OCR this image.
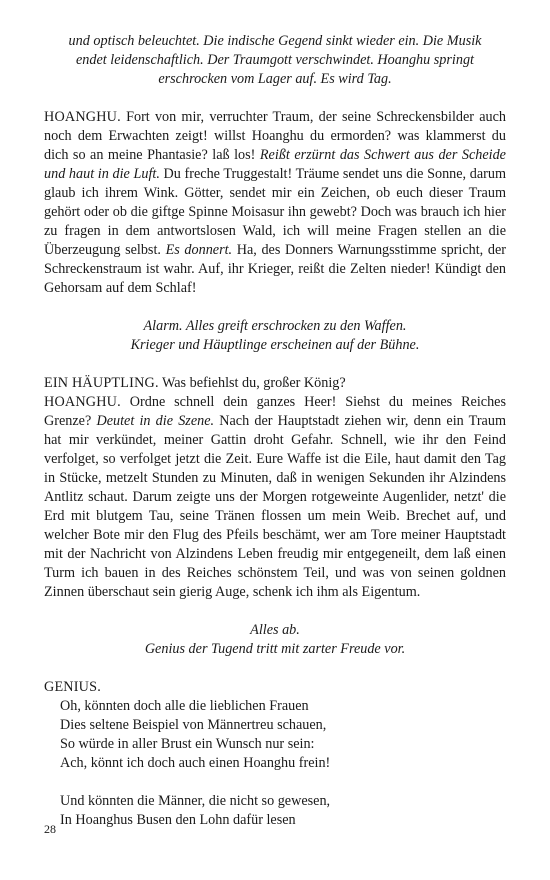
und optisch beleuchtet. Die indische Gegend sinkt wieder ein. Die Musik
endet leidenschaftlich. Der Traumgott verschwindet. Hoanghu springt
erschrocken vom Lager auf. Es wird Tag.

HOANGHU. Fort von mir, verruchter Traum, der seine Schreckensbilder auch noch dem Erwachten zeigt! willst Hoanghu du ermorden? was klammerst du dich so an meine Phantasie? laß los! Reißt erzürnt das Schwert aus der Scheide und haut in die Luft. Du freche Truggestalt! Träume sendet uns die Sonne, darum glaub ich ihrem Wink. Götter, sendet mir ein Zeichen, ob euch dieser Traum gehört oder ob die giftge Spinne Moisasur ihn gewebt? Doch was brauch ich hier zu fragen in dem antwortslosen Wald, ich will meine Fragen stellen an die Überzeugung selbst. Es donnert. Ha, des Donners Warnungsstimme spricht, der Schreckenstraum ist wahr. Auf, ihr Krieger, reißt die Zelten nieder! Kündigt den Gehorsam auf dem Schlaf!

Alarm. Alles greift erschrocken zu den Waffen.
Krieger und Häuptlinge erscheinen auf der Bühne.

EIN HÄUPTLING. Was befiehlst du, großer König?

HOANGHU. Ordne schnell dein ganzes Heer! Siehst du meines Reiches Grenze? Deutet in die Szene. Nach der Hauptstadt ziehen wir, denn ein Traum hat mir verkündet, meiner Gattin droht Gefahr. Schnell, wie ihr den Feind verfolget, so verfolget jetzt die Zeit. Eure Waffe ist die Eile, haut damit den Tag in Stücke, metzelt Stunden zu Minuten, daß in wenigen Sekunden ihr Alzindens Antlitz schaut. Darum zeigte uns der Morgen rotgeweinte Augenlider, netzt' die Erd mit blutgem Tau, seine Tränen flossen um mein Weib. Brechet auf, und welcher Bote mir den Flug des Pfeils beschämt, wer am Tore meiner Hauptstadt mit der Nachricht von Alzindens Leben freudig mir entgegeneilt, dem laß einen Turm ich bauen in des Reiches schönstem Teil, und was von seinen goldnen Zinnen überschaut sein gierig Auge, schenk ich ihm als Eigentum.

Alles ab.
Genius der Tugend tritt mit zarter Freude vor.

GENIUS.

Oh, könnten doch alle die lieblichen Frauen
Dies seltene Beispiel von Männertreu schauen,
So würde in aller Brust ein Wunsch nur sein:
Ach, könnt ich doch auch einen Hoanghu frein!

Und könnten die Männer, die nicht so gewesen,
In Hoanghus Busen den Lohn dafür lesen

28
